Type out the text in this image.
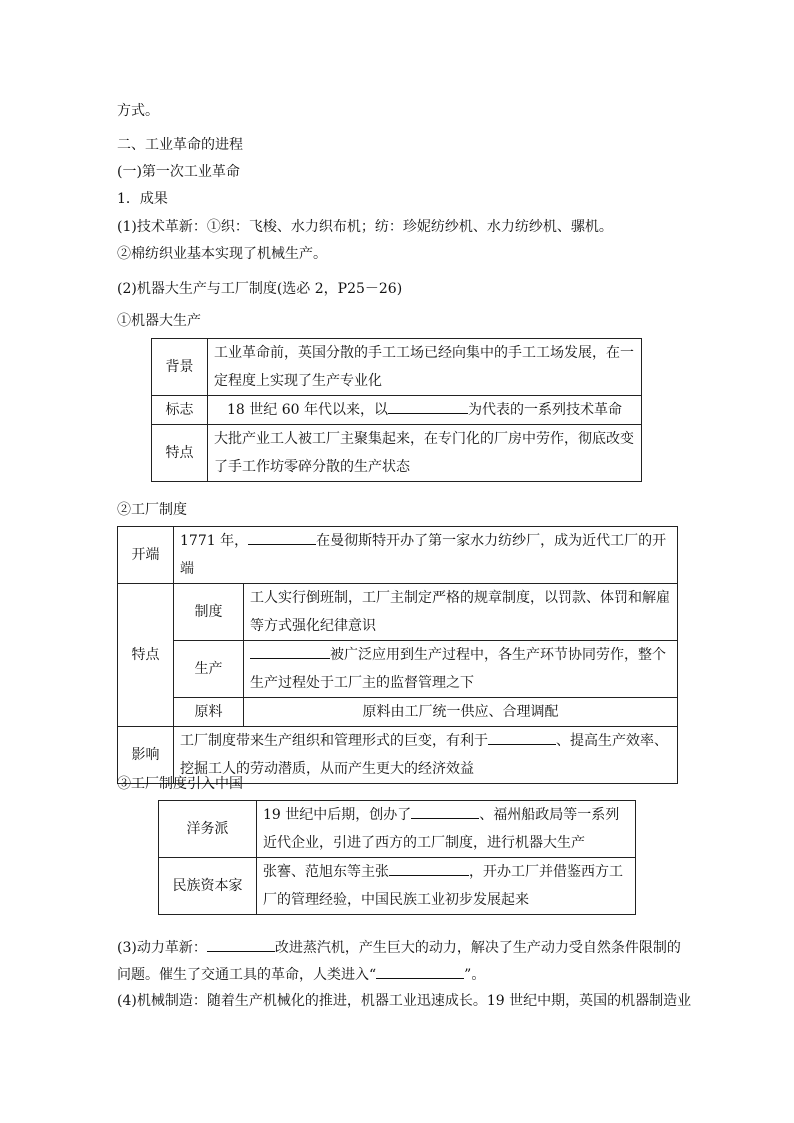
方式。
二、工业革命的进程
(一)第一次工业革命
1．成果
(1)技术革新：①织：飞梭、水力织布机；纺：珍妮纺纱机、水力纺纱机、骡机。
②棉纺织业基本实现了机械生产。
(2)机器大生产与工厂制度(选必 2，P25－26)
①机器大生产
背景	工业革命前，英国分散的手工工场已经向集中的手工工场发展，在一定程度上实现了生产专业化
标志	18 世纪 60 年代以来，以 为代表的一系列技术革命
特点	大批产业工人被工厂主聚集起来，在专门化的厂房中劳作，彻底改变了手工作坊零碎分散的生产状态
②工厂制度
开端	1771 年， 在曼彻斯特开办了第一家水力纺纱厂，成为近代工厂的开端	
特点	制度	工人实行倒班制，工厂主制定严格的规章制度，以罚款、体罚和解雇等方式强化纪律意识
	生产	被广泛应用到生产过程中，各生产环节协同劳作，整个生产过程处于工厂主的监督管理之下
	原料	原料由工厂统一供应、合理调配
影响	工厂制度带来生产组织和管理形式的巨变，有利于 、提高生产效率、挖掘工人的劳动潜质，从而产生更大的经济效益	
③工厂制度引入中国
洋务派	19 世纪中后期，创办了 、福州船政局等一系列近代企业，引进了西方的工厂制度，进行机器大生产
民族资本家	张謇、范旭东等主张 ，开办工厂并借鉴西方工厂的管理经验，中国民族工业初步发展起来
(3)动力革新：	改进蒸汽机，产生巨大的动力，解决了生产动力受自然条件限制的
问题。催生了交通工具的革命，人类进入“	”。
(4)机械制造：随着生产机械化的推进，机器工业迅速成长。19 世纪中期，英国的机器制造业
